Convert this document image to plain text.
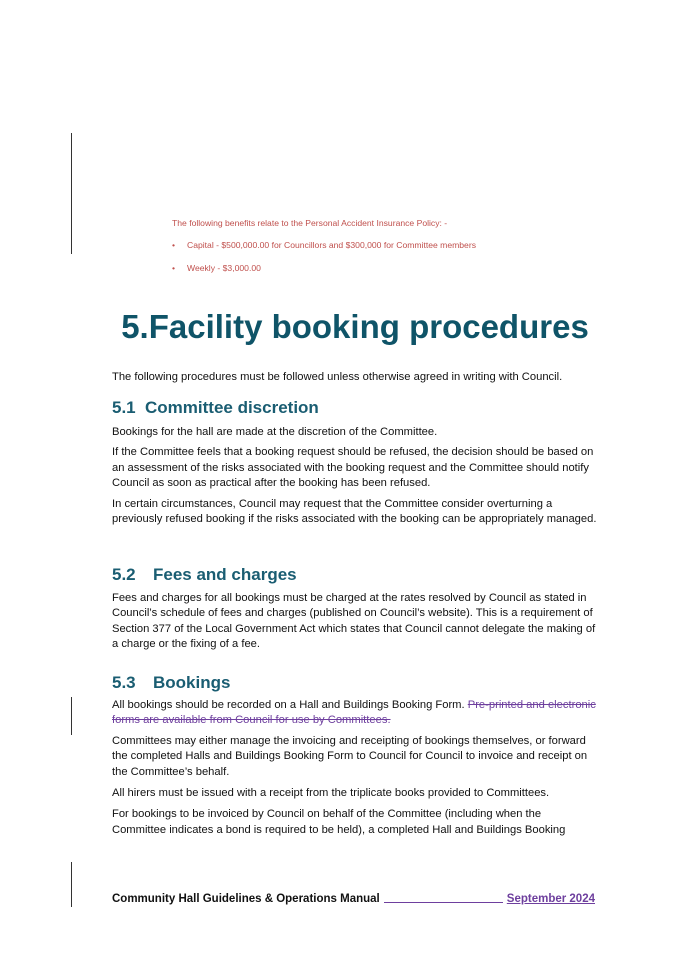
The following benefits relate to the Personal Accident Insurance Policy: -
• Capital - $500,000.00 for Councillors and $300,000 for Committee members
• Weekly - $3,000.00
5.Facility booking procedures

The following procedures must be followed unless otherwise agreed in writing with Council.

5.1 Committee discretion

Bookings for the hall are made at the discretion of the Committee.

If the Committee feels that a booking request should be refused, the decision should be based on an assessment of the risks associated with the booking request and the Committee should notify Council as soon as practical after the booking has been refused.

In certain circumstances, Council may request that the Committee consider overturning a previously refused booking if the risks associated with the booking can be appropriately managed.

5.2 Fees and charges

Fees and charges for all bookings must be charged at the rates resolved by Council as stated in Council’s schedule of fees and charges (published on Council’s website). This is a requirement of Section 377 of the Local Government Act which states that Council cannot delegate the making of a charge or the fixing of a fee.

5.3 Bookings

All bookings should be recorded on a Hall and Buildings Booking Form. Pre-printed and electronic forms are available from Council for use by Committees.

Committees may either manage the invoicing and receipting of bookings themselves, or forward the completed Halls and Buildings Booking Form to Council for Council to invoice and receipt on the Committee’s behalf.

All hirers must be issued with a receipt from the triplicate books provided to Committees.

For bookings to be invoiced by Council on behalf of the Committee (including when the Committee indicates a bond is required to be held), a completed Hall and Buildings Booking

Community Hall Guidelines & Operations Manual	September 2024
